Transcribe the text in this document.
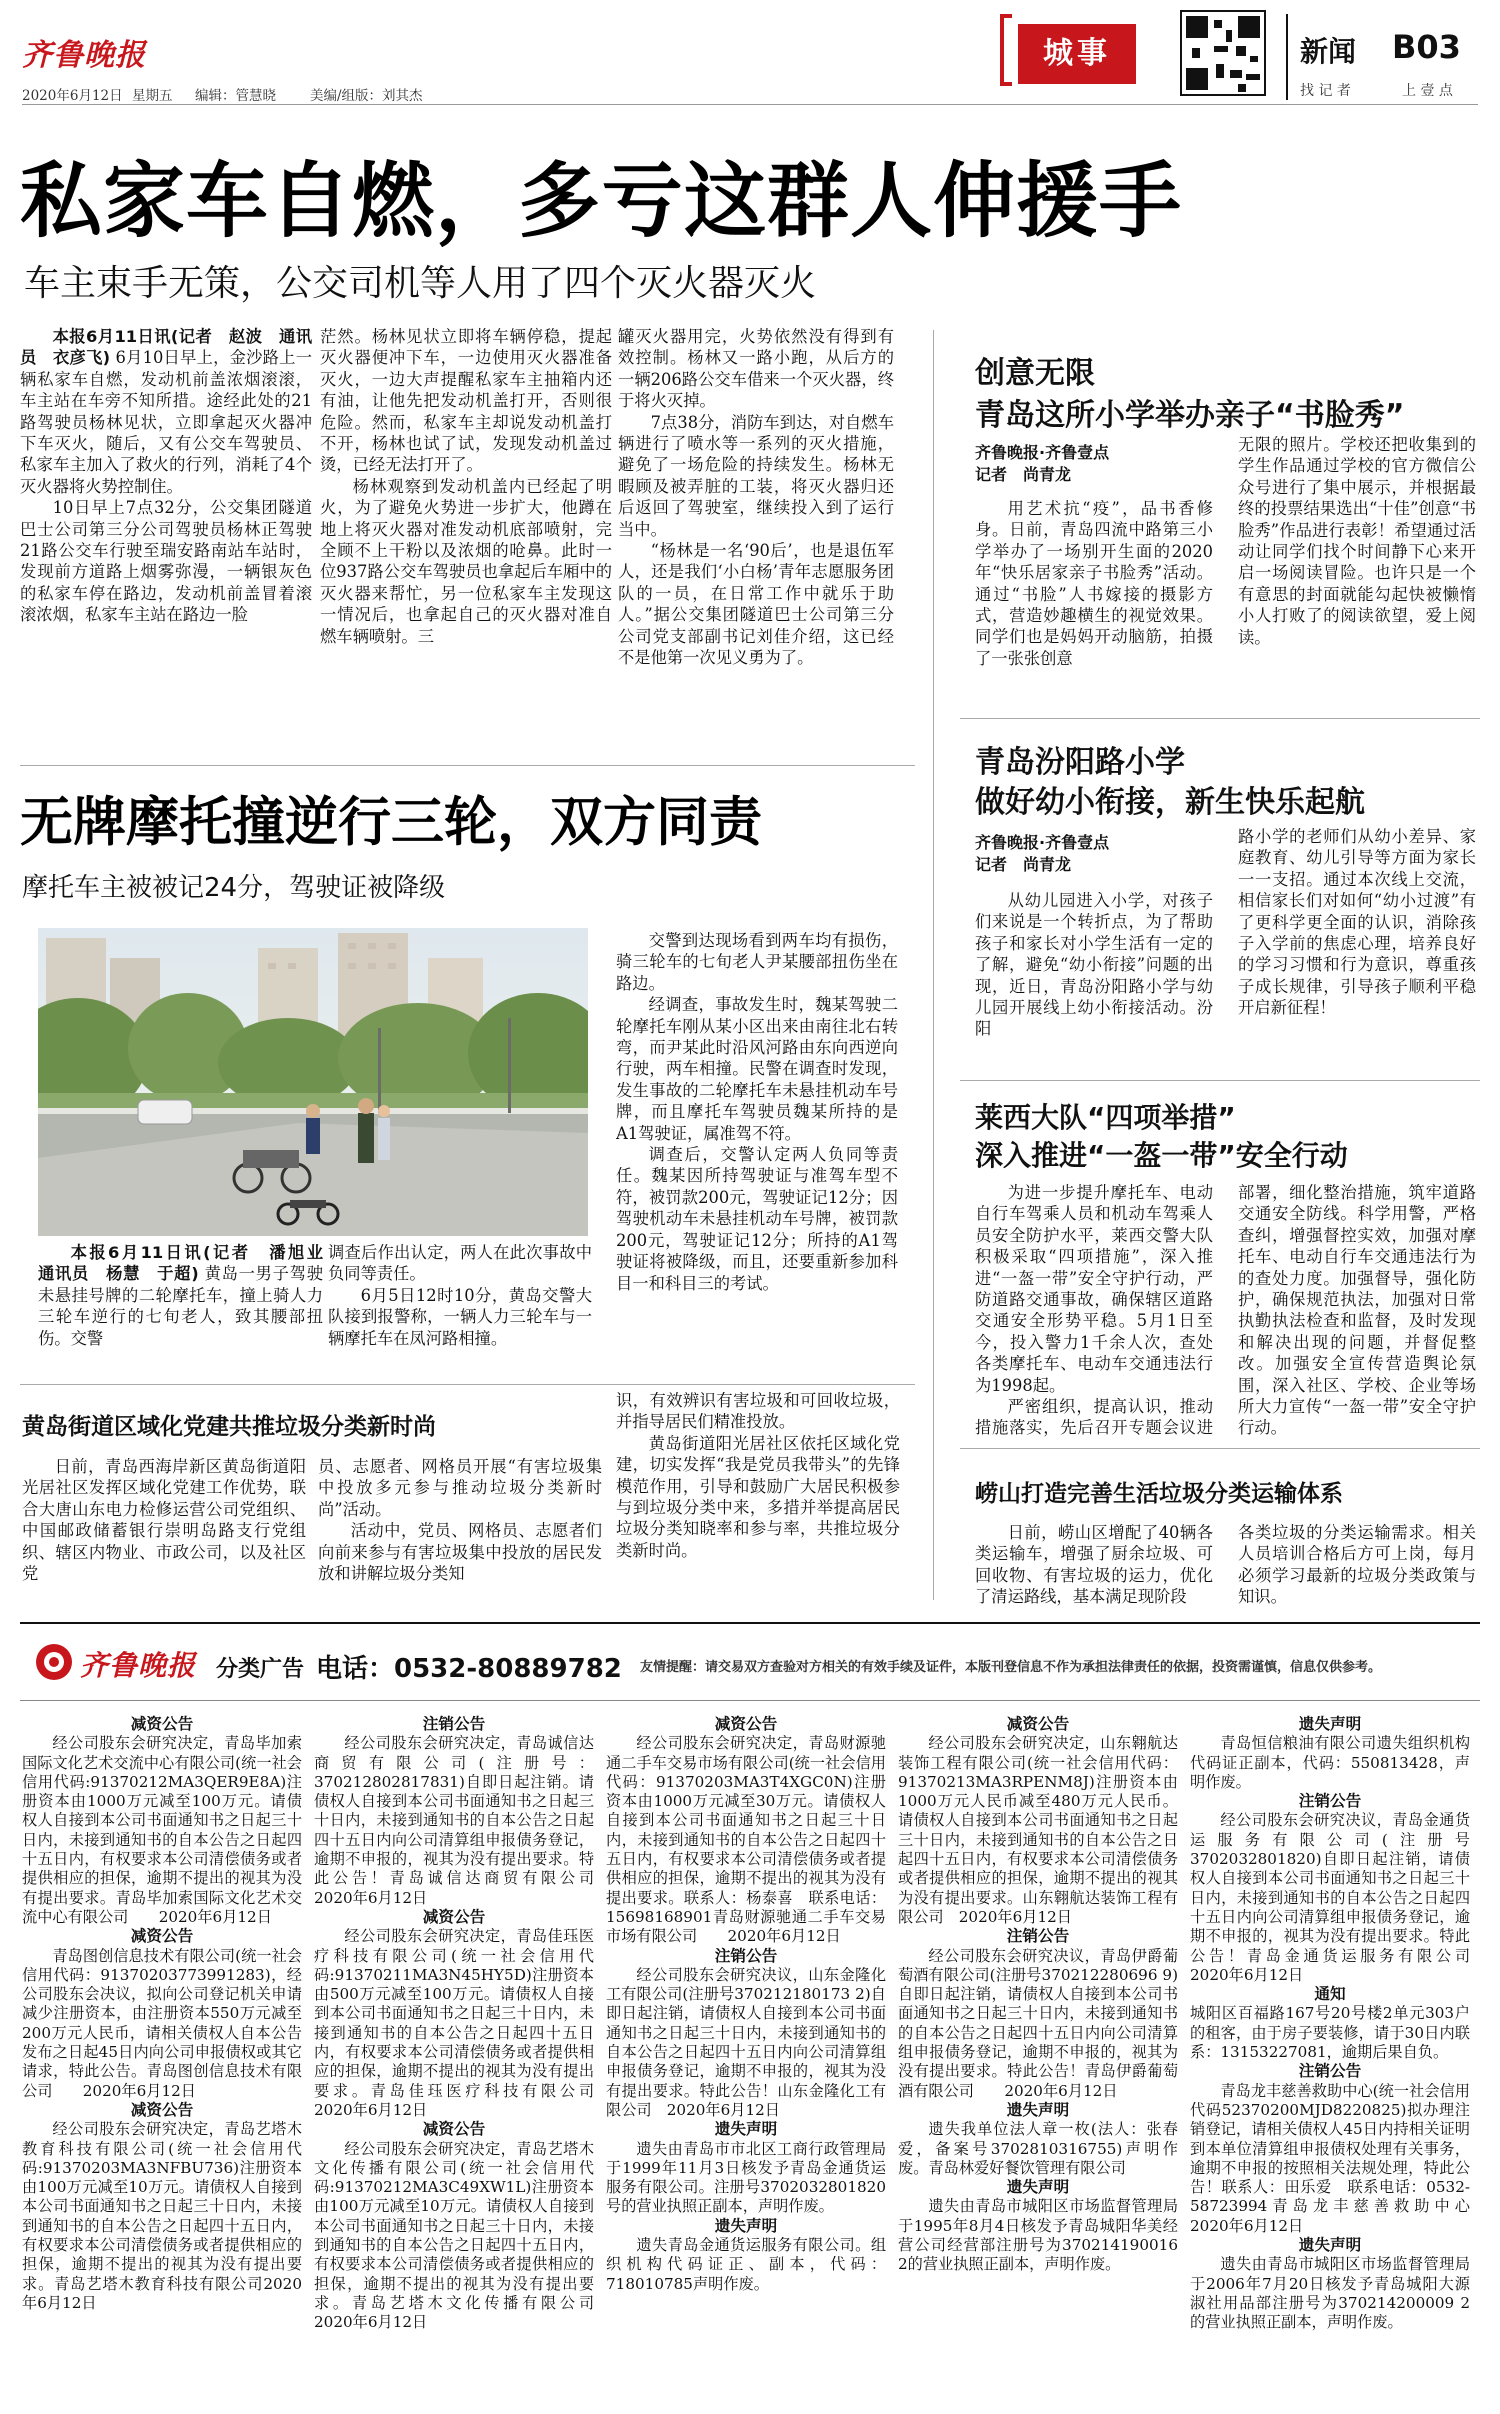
齐鲁晚报
2020年6月12日 星期五 编辑：管慧晓	美编/组版：刘其杰
城事	新闻 B03
找 记 者	上 壹 点
私家车自燃，多亏这群人伸援手
车主束手无策，公交司机等人用了四个灭火器灭火
本报6月11日讯(记者　赵波　通讯员　衣彦飞) 6月10日早上，金沙路上一辆私家车自燃，发动机前盖浓烟滚滚，车主站在车旁不知所措。途经此处的21路驾驶员杨林见状，立即拿起灭火器冲下车灭火，随后，又有公交车驾驶员、私家车主加入了救火的行列，消耗了4个灭火器将火势控制住。
10日早上7点32分，公交集团隧道巴士公司第三分公司驾驶员杨林正驾驶21路公交车行驶至瑞安路南站车站时，发现前方道路上烟雾弥漫，一辆银灰色的私家车停在路边，发动机前盖冒着滚滚浓烟，私家车主站在路边一脸
茫然。杨林见状立即将车辆停稳，提起灭火器便冲下车，一边使用灭火器准备灭火，一边大声提醒私家车主抽箱内还有油，让他先把发动机盖打开，否则很危险。然而，私家车主却说发动机盖打不开，杨林也试了试，发现发动机盖过烫，已经无法打开了。
杨林观察到发动机盖内已经起了明火，为了避免火势进一步扩大，他蹲在地上将灭火器对准发动机底部喷射，完全顾不上干粉以及浓烟的呛鼻。此时一位937路公交车驾驶员也拿起后车厢中的灭火器来帮忙，另一位私家车主发现这一情况后，也拿起自己的灭火器对准自燃车辆喷射。三
罐灭火器用完，火势依然没有得到有效控制。杨林又一路小跑，从后方的一辆206路公交车借来一个灭火器，终于将火灭掉。
7点38分，消防车到达，对自燃车辆进行了喷水等一系列的灭火措施，避免了一场危险的持续发生。杨林无暇顾及被弄脏的工装，将灭火器归还后返回了驾驶室，继续投入到了运行当中。
“杨林是一名‘90后’，也是退伍军人，还是我们‘小白杨’青年志愿服务团队的一员，在日常工作中就乐于助人。”据公交集团隧道巴士公司第三分公司党支部副书记刘佳介绍，这已经不是他第一次见义勇为了。
无牌摩托撞逆行三轮，双方同责
摩托车主被被记24分，驾驶证被降级
本报6月11日讯(记者　潘旭业　通讯员　杨慧　于超) 黄岛一男子驾驶未悬挂号牌的二轮摩托车，撞上骑人力三轮车逆行的七旬老人，致其腰部扭伤。交警
调查后作出认定，两人在此次事故中负同等责任。
6月5日12时10分，黄岛交警大队接到报警称，一辆人力三轮车与一辆摩托车在凤河路相撞。
交警到达现场看到两车均有损伤，骑三轮车的七旬老人尹某腰部扭伤坐在路边。
经调查，事故发生时，魏某驾驶二轮摩托车刚从某小区出来由南往北右转弯，而尹某此时沿风河路由东向西逆向行驶，两车相撞。民警在调查时发现，发生事故的二轮摩托车未悬挂机动车号牌，而且摩托车驾驶员魏某所持的是A1驾驶证，属准驾不符。
调查后，交警认定两人负同等责任。魏某因所持驾驶证与准驾车型不符，被罚款200元，驾驶证记12分；因驾驶机动车未悬挂机动车号牌，被罚款200元，驾驶证记12分；所持的A1驾驶证将被降级，而且，还要重新参加科目一和科目三的考试。
黄岛街道区域化党建共推垃圾分类新时尚
日前，青岛西海岸新区黄岛街道阳光居社区发挥区域化党建工作优势，联合大唐山东电力检修运营公司党组织、中国邮政储蓄银行崇明岛路支行党组织、辖区内物业、市政公司，以及社区党
员、志愿者、网格员开展“有害垃圾集中投放多元参与推动垃圾分类新时尚”活动。
活动中，党员、网格员、志愿者们向前来参与有害垃圾集中投放的居民发放和讲解垃圾分类知
识，有效辨识有害垃圾和可回收垃圾，并指导居民们精准投放。
黄岛街道阳光居社区依托区域化党建，切实发挥“我是党员我带头”的先锋模范作用，引导和鼓励广大居民积极参与到垃圾分类中来，多措并举提高居民垃圾分类知晓率和参与率，共推垃圾分类新时尚。
创意无限
青岛这所小学举办亲子“书脸秀”
齐鲁晚报·齐鲁壹点
记者　尚青龙
用艺术抗“疫”，品书香修身。日前，青岛四流中路第三小学举办了一场别开生面的2020年“快乐居家亲子书脸秀”活动。通过“书脸”人书嫁接的摄影方式，营造妙趣横生的视觉效果。同学们也是妈妈开动脑筋，拍摄了一张张创意
无限的照片。学校还把收集到的学生作品通过学校的官方微信公众号进行了集中展示，并根据最终的投票结果选出“十佳”创意“书脸秀”作品进行表彰！希望通过活动让同学们找个时间静下心来开启一场阅读冒险。也许只是一个有意思的封面就能勾起快被懒惰小人打败了的阅读欲望，爱上阅读。
青岛汾阳路小学
做好幼小衔接，新生快乐起航
齐鲁晚报·齐鲁壹点
记者　尚青龙
从幼儿园进入小学，对孩子们来说是一个转折点，为了帮助孩子和家长对小学生活有一定的了解，避免“幼小衔接”问题的出现，近日，青岛汾阳路小学与幼儿园开展线上幼小衔接活动。汾阳
路小学的老师们从幼小差异、家庭教育、幼儿引导等方面为家长一一支招。通过本次线上交流，相信家长们对如何“幼小过渡”有了更科学更全面的认识，消除孩子入学前的焦虑心理，培养良好的学习习惯和行为意识，尊重孩子成长规律，引导孩子顺利平稳开启新征程！
莱西大队“四项举措”
深入推进“一盔一带”安全行动
为进一步提升摩托车、电动自行车驾乘人员和机动车驾乘人员安全防护水平，莱西交警大队积极采取“四项措施”，深入推进“一盔一带”安全守护行动，严防道路交通事故，确保辖区道路交通安全形势平稳。5月1日至今，投入警力1千余人次，查处各类摩托车、电动车交通违法行为1998起。
严密组织，提高认识，推动措施落实，先后召开专题会议进
部署，细化整治措施，筑牢道路交通安全防线。科学用警，严格查纠，增强督控实效，加强对摩托车、电动自行车交通违法行为的查处力度。加强督导，强化防护，确保规范执法，加强对日常执勤执法检查和监督，及时发现和解决出现的问题，并督促整改。加强安全宣传营造舆论氛围，深入社区、学校、企业等场所大力宣传“一盔一带”安全守护行动。
崂山打造完善生活垃圾分类运输体系
日前，崂山区增配了40辆各类运输车，增强了厨余垃圾、可回收物、有害垃圾的运力，优化了清运路线，基本满足现阶段
各类垃圾的分类运输需求。相关人员培训合格后方可上岗，每月必须学习最新的垃圾分类政策与知识。
齐鲁晚报 分类广告 电话：0532-80889782 友情提醒：请交易双方查验对方相关的有效手续及证件，本版刊登信息不作为承担法律责任的依据，投资需谨慎，信息仅供参考。
减资公告
经公司股东会研究决定，青岛毕加索国际文化艺术交流中心有限公司(统一社会信用代码:91370212MA3QER9E8A)注册资本由1000万元减至100万元。请债权人自接到本公司书面通知书之日起三十日内，未接到通知书的自本公告之日起四十五日内，有权要求本公司清偿债务或者提供相应的担保，逾期不提出的视其为没有提出要求。青岛毕加索国际文化艺术交流中心有限公司　　2020年6月12日
减资公告
青岛图创信息技术有限公司(统一社会信用代码：91370203773991283)，经公司股东会决议，拟向公司登记机关申请减少注册资本，由注册资本550万元减至200万元人民币，请相关债权人自本公告发布之日起45日内向公司申报债权或其它请求，特此公告。青岛图创信息技术有限公司　　2020年6月12日
减资公告
经公司股东会研究决定，青岛艺塔木教育科技有限公司(统一社会信用代码:91370203MA3NFBU736)注册资本由100万元减至10万元。请债权人自接到本公司书面通知书之日起三十日内，未接到通知书的自本公告之日起四十五日内，有权要求本公司清偿债务或者提供相应的担保，逾期不提出的视其为没有提出要求。青岛艺塔木教育科技有限公司2020年6月12日
注销公告
经公司股东会研究决定，青岛诚信达商贸有限公司(注册号：370212802817831)自即日起注销。请债权人自接到本公司书面通知书之日起三十日内，未接到通知书的自本公告之日起四十五日内向公司清算组申报债务登记，逾期不申报的，视其为没有提出要求。特此公告！青岛诚信达商贸有限公司　2020年6月12日
减资公告
经公司股东会研究决定，青岛佳珏医疗科技有限公司(统一社会信用代码:91370211MA3N45HY5D)注册资本由500万元减至100万元。请债权人自接到本公司书面通知书之日起三十日内，未接到通知书的自本公告之日起四十五日内，有权要求本公司清偿债务或者提供相应的担保，逾期不提出的视其为没有提出要求。青岛佳珏医疗科技有限公司　2020年6月12日
减资公告
经公司股东会研究决定，青岛艺塔木文化传播有限公司(统一社会信用代码:91370212MA3C49XW1L)注册资本由100万元减至10万元。请债权人自接到本公司书面通知书之日起三十日内，未接到通知书的自本公告之日起四十五日内，有权要求本公司清偿债务或者提供相应的担保，逾期不提出的视其为没有提出要求。青岛艺塔木文化传播有限公司　2020年6月12日
减资公告
经公司股东会研究决定，青岛财源驰通二手车交易市场有限公司(统一社会信用代码：91370203MA3T4XGC0N)注册资本由1000万元减至30万元。请债权人自接到本公司书面通知书之日起三十日内，未接到通知书的自本公告之日起四十五日内，有权要求本公司清偿债务或者提供相应的担保，逾期不提出的视其为没有提出要求。联系人：杨泰喜　联系电话：15698168901青岛财源驰通二手车交易市场有限公司　　2020年6月12日
注销公告
经公司股东会研究决议，山东金隆化工有限公司(注册号370212180173 2)自即日起注销，请债权人自接到本公司书面通知书之日起三十日内，未接到通知书的自本公告之日起四十五日内向公司清算组申报债务登记，逾期不申报的，视其为没有提出要求。特此公告！山东金隆化工有限公司　2020年6月12日
遗失声明
遗失由青岛市市北区工商行政管理局于1999年11月3日核发予青岛金通货运服务有限公司。注册号3702032801820号的营业执照正副本，声明作废。
遗失声明
遗失青岛金通货运服务有限公司。组织机构代码证正、副本，代码：718010785声明作废。
减资公告
经公司股东会研究决定，山东翱航达装饰工程有限公司(统一社会信用代码：91370213MA3RPENM8J)注册资本由1000万元人民币减至480万元人民币。请债权人自接到本公司书面通知书之日起三十日内，未接到通知书的自本公告之日起四十五日内，有权要求本公司清偿债务或者提供相应的担保，逾期不提出的视其为没有提出要求。山东翱航达装饰工程有限公司　2020年6月12日
注销公告
经公司股东会研究决议，青岛伊爵葡萄酒有限公司(注册号370212280696 9)自即日起注销，请债权人自接到本公司书面通知书之日起三十日内，未接到通知书的自本公告之日起四十五日内向公司清算组申报债务登记，逾期不申报的，视其为没有提出要求。特此公告！青岛伊爵葡萄酒有限公司　　2020年6月12日
遗失声明
遗失我单位法人章一枚(法人：张春爱，备案号3702810316755)声明作废。青岛林爱好餐饮管理有限公司
遗失声明
遗失由青岛市城阳区市场监督管理局于1995年8月4日核发予青岛城阳华美经营公司经营部注册号为370214190016 2的营业执照正副本，声明作废。
遗失声明
青岛恒信粮油有限公司遗失组织机构代码证正副本，代码：550813428，声明作废。
注销公告
经公司股东会研究决议，青岛金通货运服务有限公司(注册号3702032801820)自即日起注销，请债权人自接到本公司书面通知书之日起三十日内，未接到通知书的自本公告之日起四十五日内向公司清算组申报债务登记，逾期不申报的，视其为没有提出要求。特此公告！青岛金通货运服务有限公司　2020年6月12日
通知
城阳区百福路167号20号楼2单元303户的租客，由于房子要装修，请于30日内联系：13153227081，逾期后果自负。
注销公告
青岛龙丰慈善救助中心(统一社会信用代码52370200MJD8220825)拟办理注销登记，请相关债权人45日内持相关证明到本单位清算组申报债权处理有关事务，逾期不申报的按照相关法规处理，特此公告！联系人：田乐爱　联系电话：0532-58723994青岛龙丰慈善救助中心　　2020年6月12日
遗失声明
遗失由青岛市城阳区市场监督管理局于2006年7月20日核发予青岛城阳大源淑社用品部注册号为370214200009 2的营业执照正副本，声明作废。
